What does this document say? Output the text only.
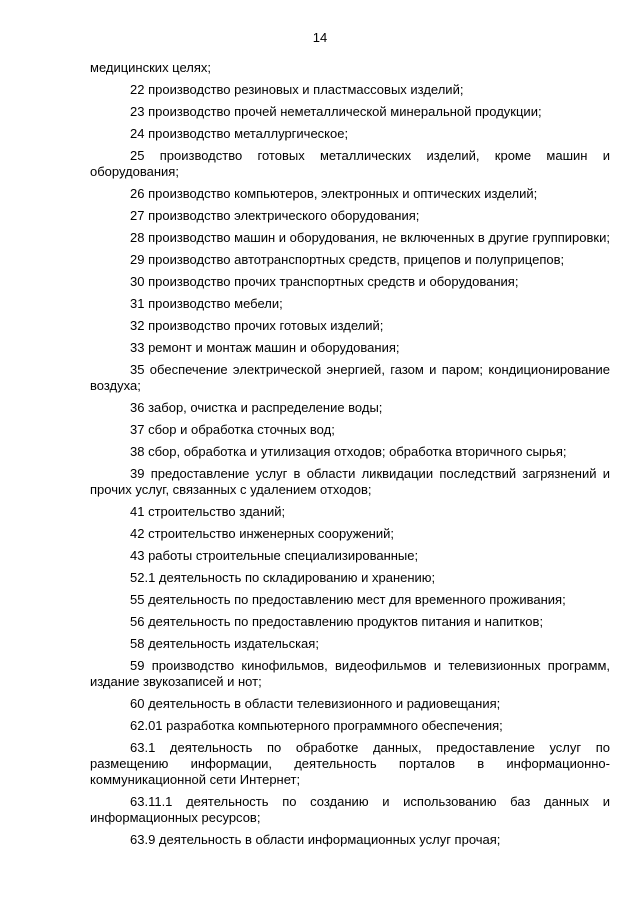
14

медицинских целях;

22 производство резиновых и пластмассовых изделий;

23 производство прочей неметаллической минеральной продукции;

24 производство металлургическое;

25 производство готовых металлических изделий, кроме машин и оборудования;

26 производство компьютеров, электронных и оптических изделий;

27 производство электрического оборудования;

28 производство машин и оборудования, не включенных в другие группировки;

29 производство автотранспортных средств, прицепов и полуприцепов;

30 производство прочих транспортных средств и оборудования;

31 производство мебели;

32 производство прочих готовых изделий;

33 ремонт и монтаж машин и оборудования;

35 обеспечение электрической энергией, газом и паром; кондиционирование воздуха;

36 забор, очистка и распределение воды;

37 сбор и обработка сточных вод;

38 сбор, обработка и утилизация отходов; обработка вторичного сырья;

39 предоставление услуг в области ликвидации последствий загрязнений и прочих услуг, связанных с удалением отходов;

41 строительство зданий;

42 строительство инженерных сооружений;

43 работы строительные специализированные;

52.1 деятельность по складированию и хранению;

55 деятельность по предоставлению мест для временного проживания;

56 деятельность по предоставлению продуктов питания и напитков;

58 деятельность издательская;

59 производство кинофильмов, видеофильмов и телевизионных программ, издание звукозаписей и нот;

60 деятельность в области телевизионного и радиовещания;

62.01 разработка компьютерного программного обеспечения;

63.1 деятельность по обработке данных, предоставление услуг по размещению информации, деятельность порталов в информационно-коммуникационной сети Интернет;

63.11.1 деятельность по созданию и использованию баз данных и информационных ресурсов;

63.9 деятельность в области информационных услуг прочая;
